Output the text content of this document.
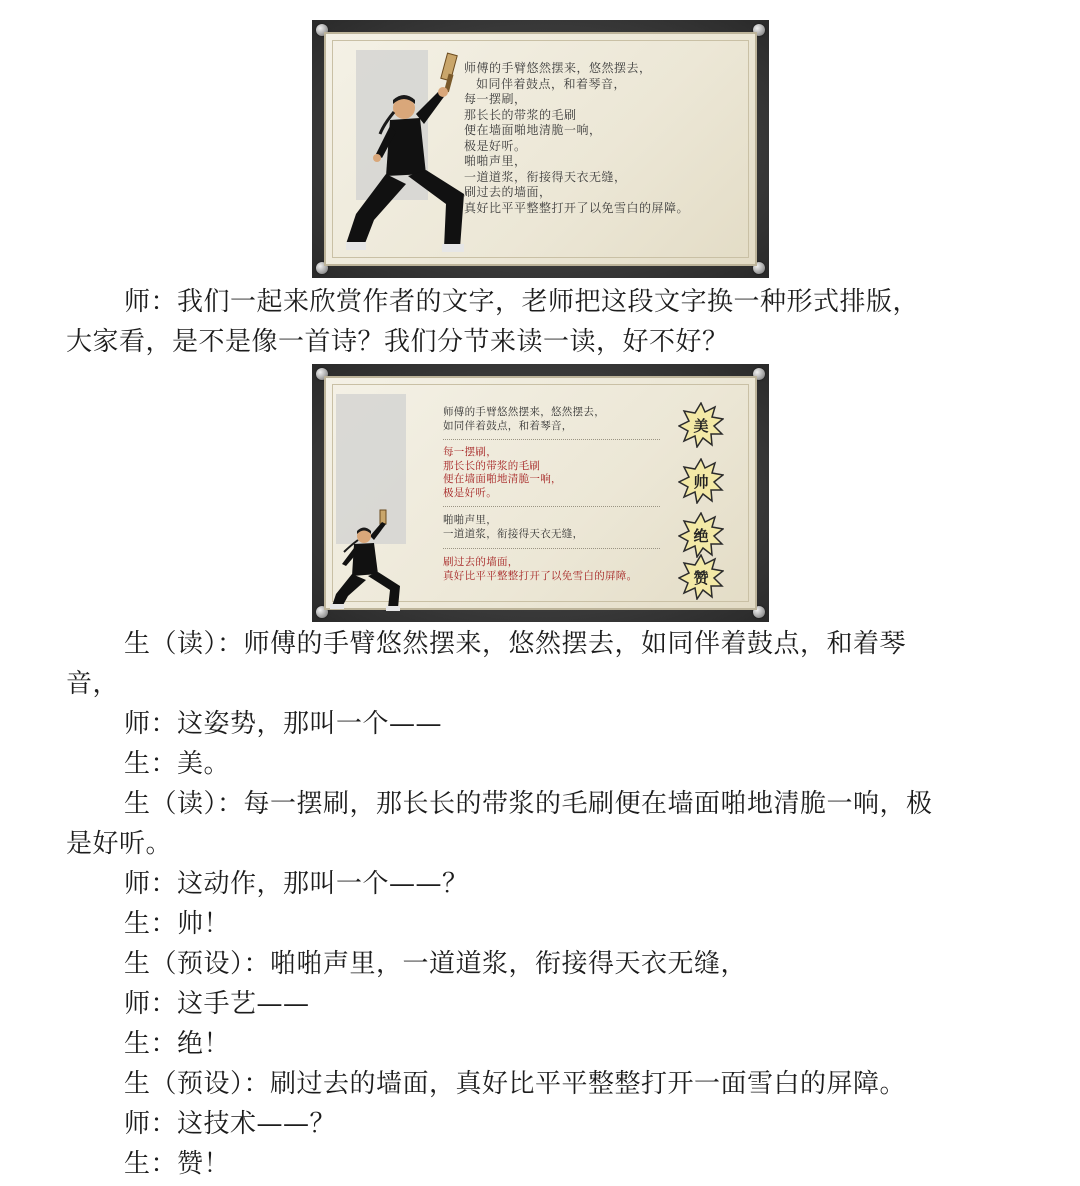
师傅的手臂悠然摆来，悠然摆去，
如同伴着鼓点，和着琴音，
每一摆刷，
那长长的带浆的毛刷
便在墙面啪地清脆一响，
极是好听。
啪啪声里，
一道道浆，衔接得天衣无缝，
刷过去的墙面，
真好比平平整整打开了以免雪白的屏障。
师：我们一起来欣赏作者的文字，老师把这段文字换一种形式排版，
大家看，是不是像一首诗？我们分节来读一读，好不好？
师傅的手臂悠然摆来，悠然摆去，
如同伴着鼓点，和着琴音，
每一摆刷，
那长长的带浆的毛刷
便在墙面啪地清脆一响，
极是好听。
啪啪声里，
一道道浆，衔接得天衣无缝，
刷过去的墙面，
真好比平平整整打开了以免雪白的屏障。
美
帅
绝
赞
生（读）：师傅的手臂悠然摆来，悠然摆去，如同伴着鼓点，和着琴
音，
师：这姿势，那叫一个——
生：美。
生（读）：每一摆刷，那长长的带浆的毛刷便在墙面啪地清脆一响，极
是好听。
师：这动作，那叫一个——？
生：帅！
生（预设）：啪啪声里，一道道浆，衔接得天衣无缝，
师：这手艺——
生：绝！
生（预设）：刷过去的墙面，真好比平平整整打开一面雪白的屏障。
师：这技术——？
生：赞！
